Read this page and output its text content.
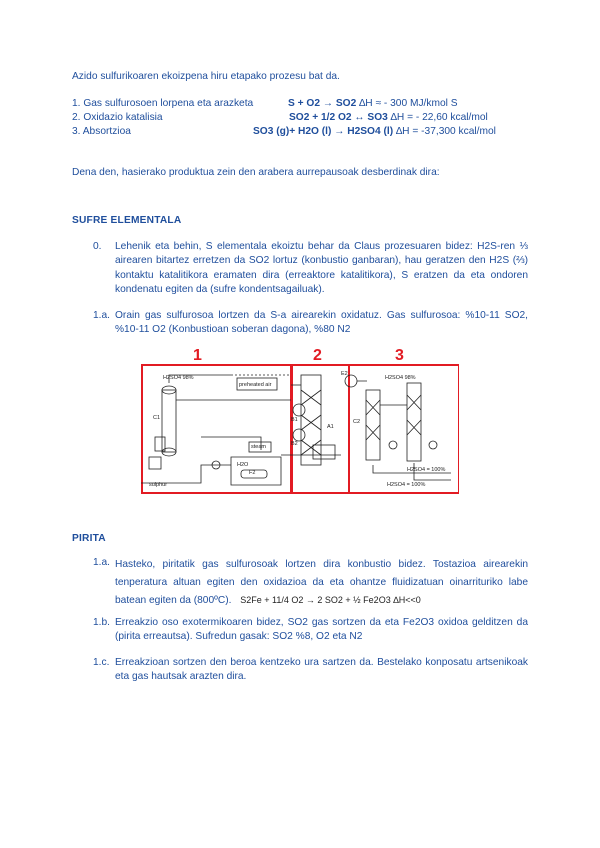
Azido sulfurikoaren ekoizpena hiru etapako prozesu bat da.
1. Gas sulfurosoen lorpena eta arazketa	S + O2 → SO2 ∆H ≈ - 300 MJ/kmol S
2. Oxidazio katalisia	SO2 + 1/2 O2 ↔ SO3 ∆H = - 22,60 kcal/mol
3. Absortzioa	SO3 (g)+ H2O (l) → H2SO4 (l) ∆H = -37,300 kcal/mol
Dena den, hasierako produktua zein den arabera aurrepausoak desberdinak dira:
SUFRE ELEMENTALA
0. Lehenik eta behin, S elementala ekoiztu behar da Claus prozesuaren bidez: H2S-ren ⅓ airearen bitartez erretzen da SO2 lortuz (konbustio ganbaran), hau geratzen den H2S (⅔) kontaktu katalitikora eramaten dira (erreaktore katalitikora), S eratzen da eta ondoren kondenatu egiten da (sufre kondentsagailuak).
1.a. Orain gas sulfurosoa lortzen da S-a airearekin oxidatuz. Gas sulfurosoa: %10-11 SO2, %10-11 O2 (Konbustioan soberan dagona), %80 N2
1	2	3
H2SO4 98%
preheated air
C1
steam
H2O
F2
sulphur
B1
B2
A1
E2
H2SO4 98%
C2
H2SO4 = 100%
H2SO4 = 100%
PIRITA
1.a. Hasteko, piritatik gas sulfurosoak lortzen dira konbustio bidez. Tostazioa airearekin tenperatura altuan egiten den oxidazioa da eta ohantze fluidizatuan oinarrituriko labe batean egiten da (800ºC). S2Fe + 11/4 O2 → 2 SO2 + ½ Fe2O3 ∆H<<0
1.b. Erreakzio oso exotermikoaren bidez, SO2 gas sortzen da eta Fe2O3 oxidoa gelditzen da (pirita erreautsa). Sufredun gasak: SO2 %8, O2 eta N2
1.c. Erreakzioan sortzen den beroa kentzeko ura sartzen da. Bestelako konposatu artsenikoak eta gas hautsak arazten dira.
